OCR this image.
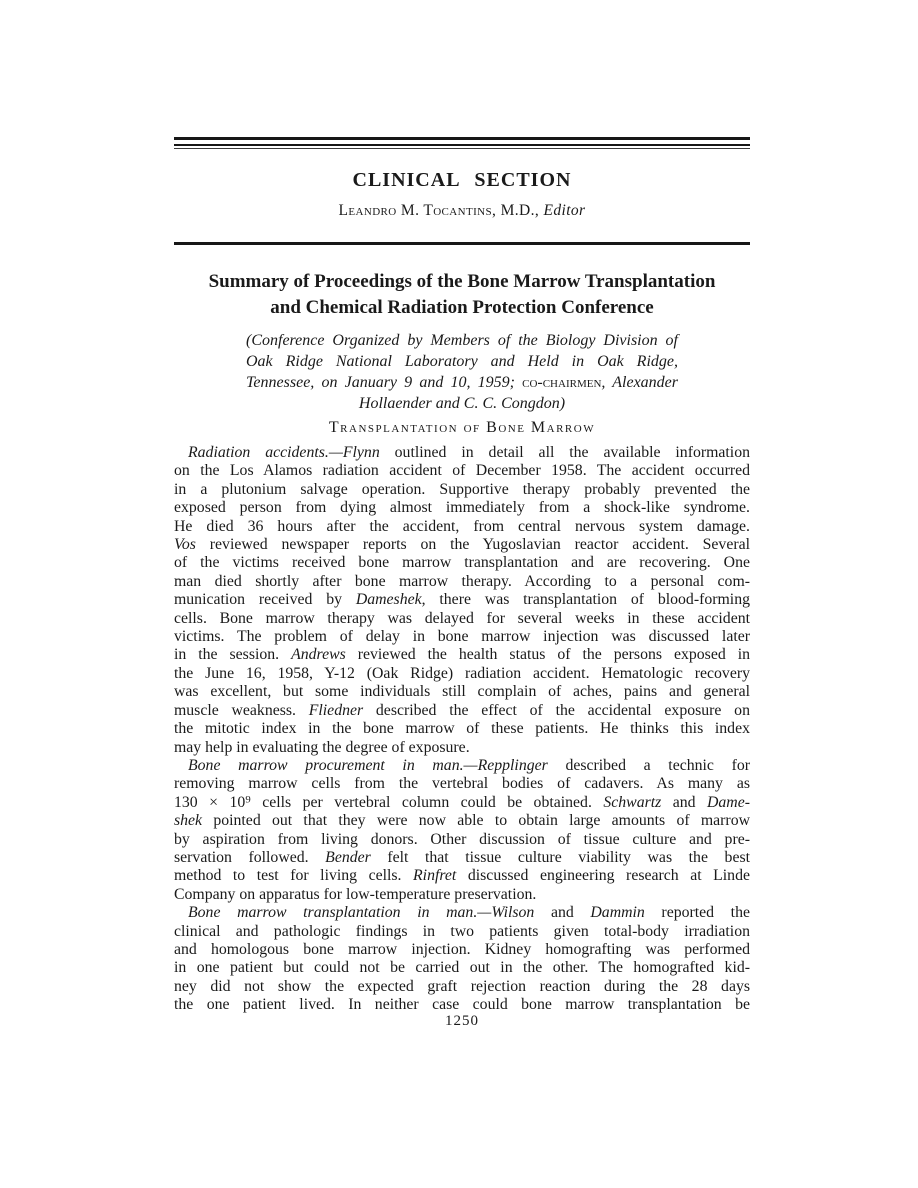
CLINICAL SECTION
Leandro M. Tocantins, M.D., Editor
Summary of Proceedings of the Bone Marrow Transplantation
and Chemical Radiation Protection Conference
(Conference Organized by Members of the Biology Division of
Oak Ridge National Laboratory and Held in Oak Ridge,
Tennessee, on January 9 and 10, 1959; co-chairmen, Alexander
Hollaender and C. C. Congdon)
Transplantation of Bone Marrow
Radiation accidents.—Flynn outlined in detail all the available information
on the Los Alamos radiation accident of December 1958. The accident occurred
in a plutonium salvage operation. Supportive therapy probably prevented the
exposed person from dying almost immediately from a shock-like syndrome.
He died 36 hours after the accident, from central nervous system damage.
Vos reviewed newspaper reports on the Yugoslavian reactor accident. Several
of the victims received bone marrow transplantation and are recovering. One
man died shortly after bone marrow therapy. According to a personal com-
munication received by Dameshek, there was transplantation of blood-forming
cells. Bone marrow therapy was delayed for several weeks in these accident
victims. The problem of delay in bone marrow injection was discussed later
in the session. Andrews reviewed the health status of the persons exposed in
the June 16, 1958, Y-12 (Oak Ridge) radiation accident. Hematologic recovery
was excellent, but some individuals still complain of aches, pains and general
muscle weakness. Fliedner described the effect of the accidental exposure on
the mitotic index in the bone marrow of these patients. He thinks this index
may help in evaluating the degree of exposure.
Bone marrow procurement in man.—Repplinger described a technic for
removing marrow cells from the vertebral bodies of cadavers. As many as
130 × 10⁹ cells per vertebral column could be obtained. Schwartz and Dame-
shek pointed out that they were now able to obtain large amounts of marrow
by aspiration from living donors. Other discussion of tissue culture and pre-
servation followed. Bender felt that tissue culture viability was the best
method to test for living cells. Rinfret discussed engineering research at Linde
Company on apparatus for low-temperature preservation.
Bone marrow transplantation in man.—Wilson and Dammin reported the
clinical and pathologic findings in two patients given total-body irradiation
and homologous bone marrow injection. Kidney homografting was performed
in one patient but could not be carried out in the other. The homografted kid-
ney did not show the expected graft rejection reaction during the 28 days
the one patient lived. In neither case could bone marrow transplantation be
1250
